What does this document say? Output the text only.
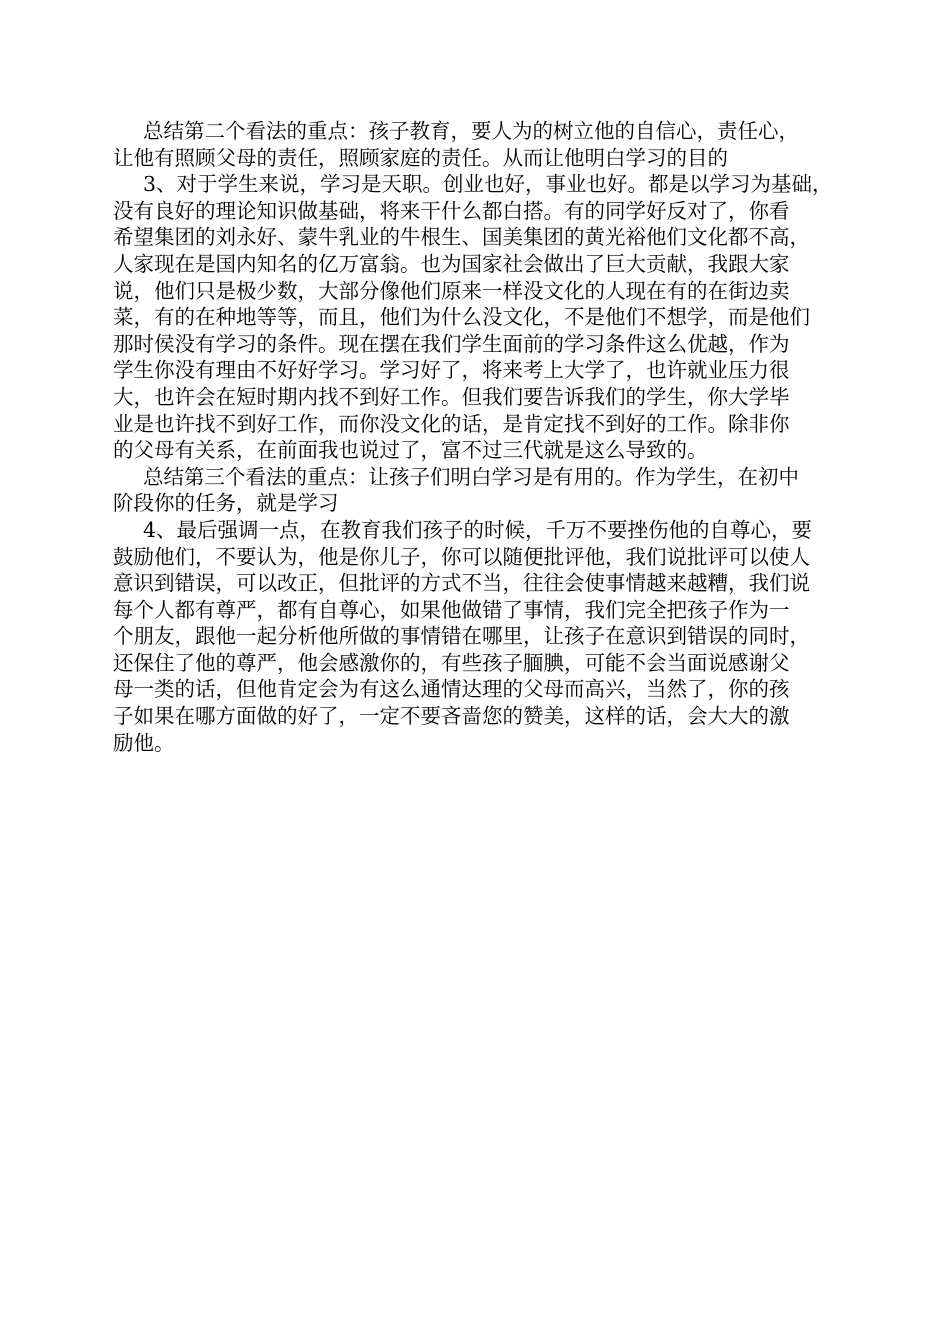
总结第二个看法的重点：孩子教育，要人为的树立他的自信心，责任心，
让他有照顾父母的责任，照顾家庭的责任。从而让他明白学习的目的
3、对于学生来说，学习是天职。创业也好，事业也好。都是以学习为基础，
没有良好的理论知识做基础，将来干什么都白搭。有的同学好反对了，你看
希望集团的刘永好、蒙牛乳业的牛根生、国美集团的黄光裕他们文化都不高，
人家现在是国内知名的亿万富翁。也为国家社会做出了巨大贡献，我跟大家
说，他们只是极少数，大部分像他们原来一样没文化的人现在有的在街边卖
菜，有的在种地等等，而且，他们为什么没文化，不是他们不想学，而是他们
那时侯没有学习的条件。现在摆在我们学生面前的学习条件这么优越，作为
学生你没有理由不好好学习。学习好了，将来考上大学了，也许就业压力很
大，也许会在短时期内找不到好工作。但我们要告诉我们的学生，你大学毕
业是也许找不到好工作，而你没文化的话，是肯定找不到好的工作。除非你
的父母有关系，在前面我也说过了，富不过三代就是这么导致的。
总结第三个看法的重点：让孩子们明白学习是有用的。作为学生，在初中
阶段你的任务，就是学习
4、最后强调一点，在教育我们孩子的时候，千万不要挫伤他的自尊心，要
鼓励他们，不要认为，他是你儿子，你可以随便批评他，我们说批评可以使人
意识到错误，可以改正，但批评的方式不当，往往会使事情越来越糟，我们说
每个人都有尊严，都有自尊心，如果他做错了事情，我们完全把孩子作为一
个朋友，跟他一起分析他所做的事情错在哪里，让孩子在意识到错误的同时，
还保住了他的尊严，他会感激你的，有些孩子腼腆，可能不会当面说感谢父
母一类的话，但他肯定会为有这么通情达理的父母而高兴，当然了，你的孩
子如果在哪方面做的好了，一定不要吝啬您的赞美，这样的话，会大大的激
励他。
